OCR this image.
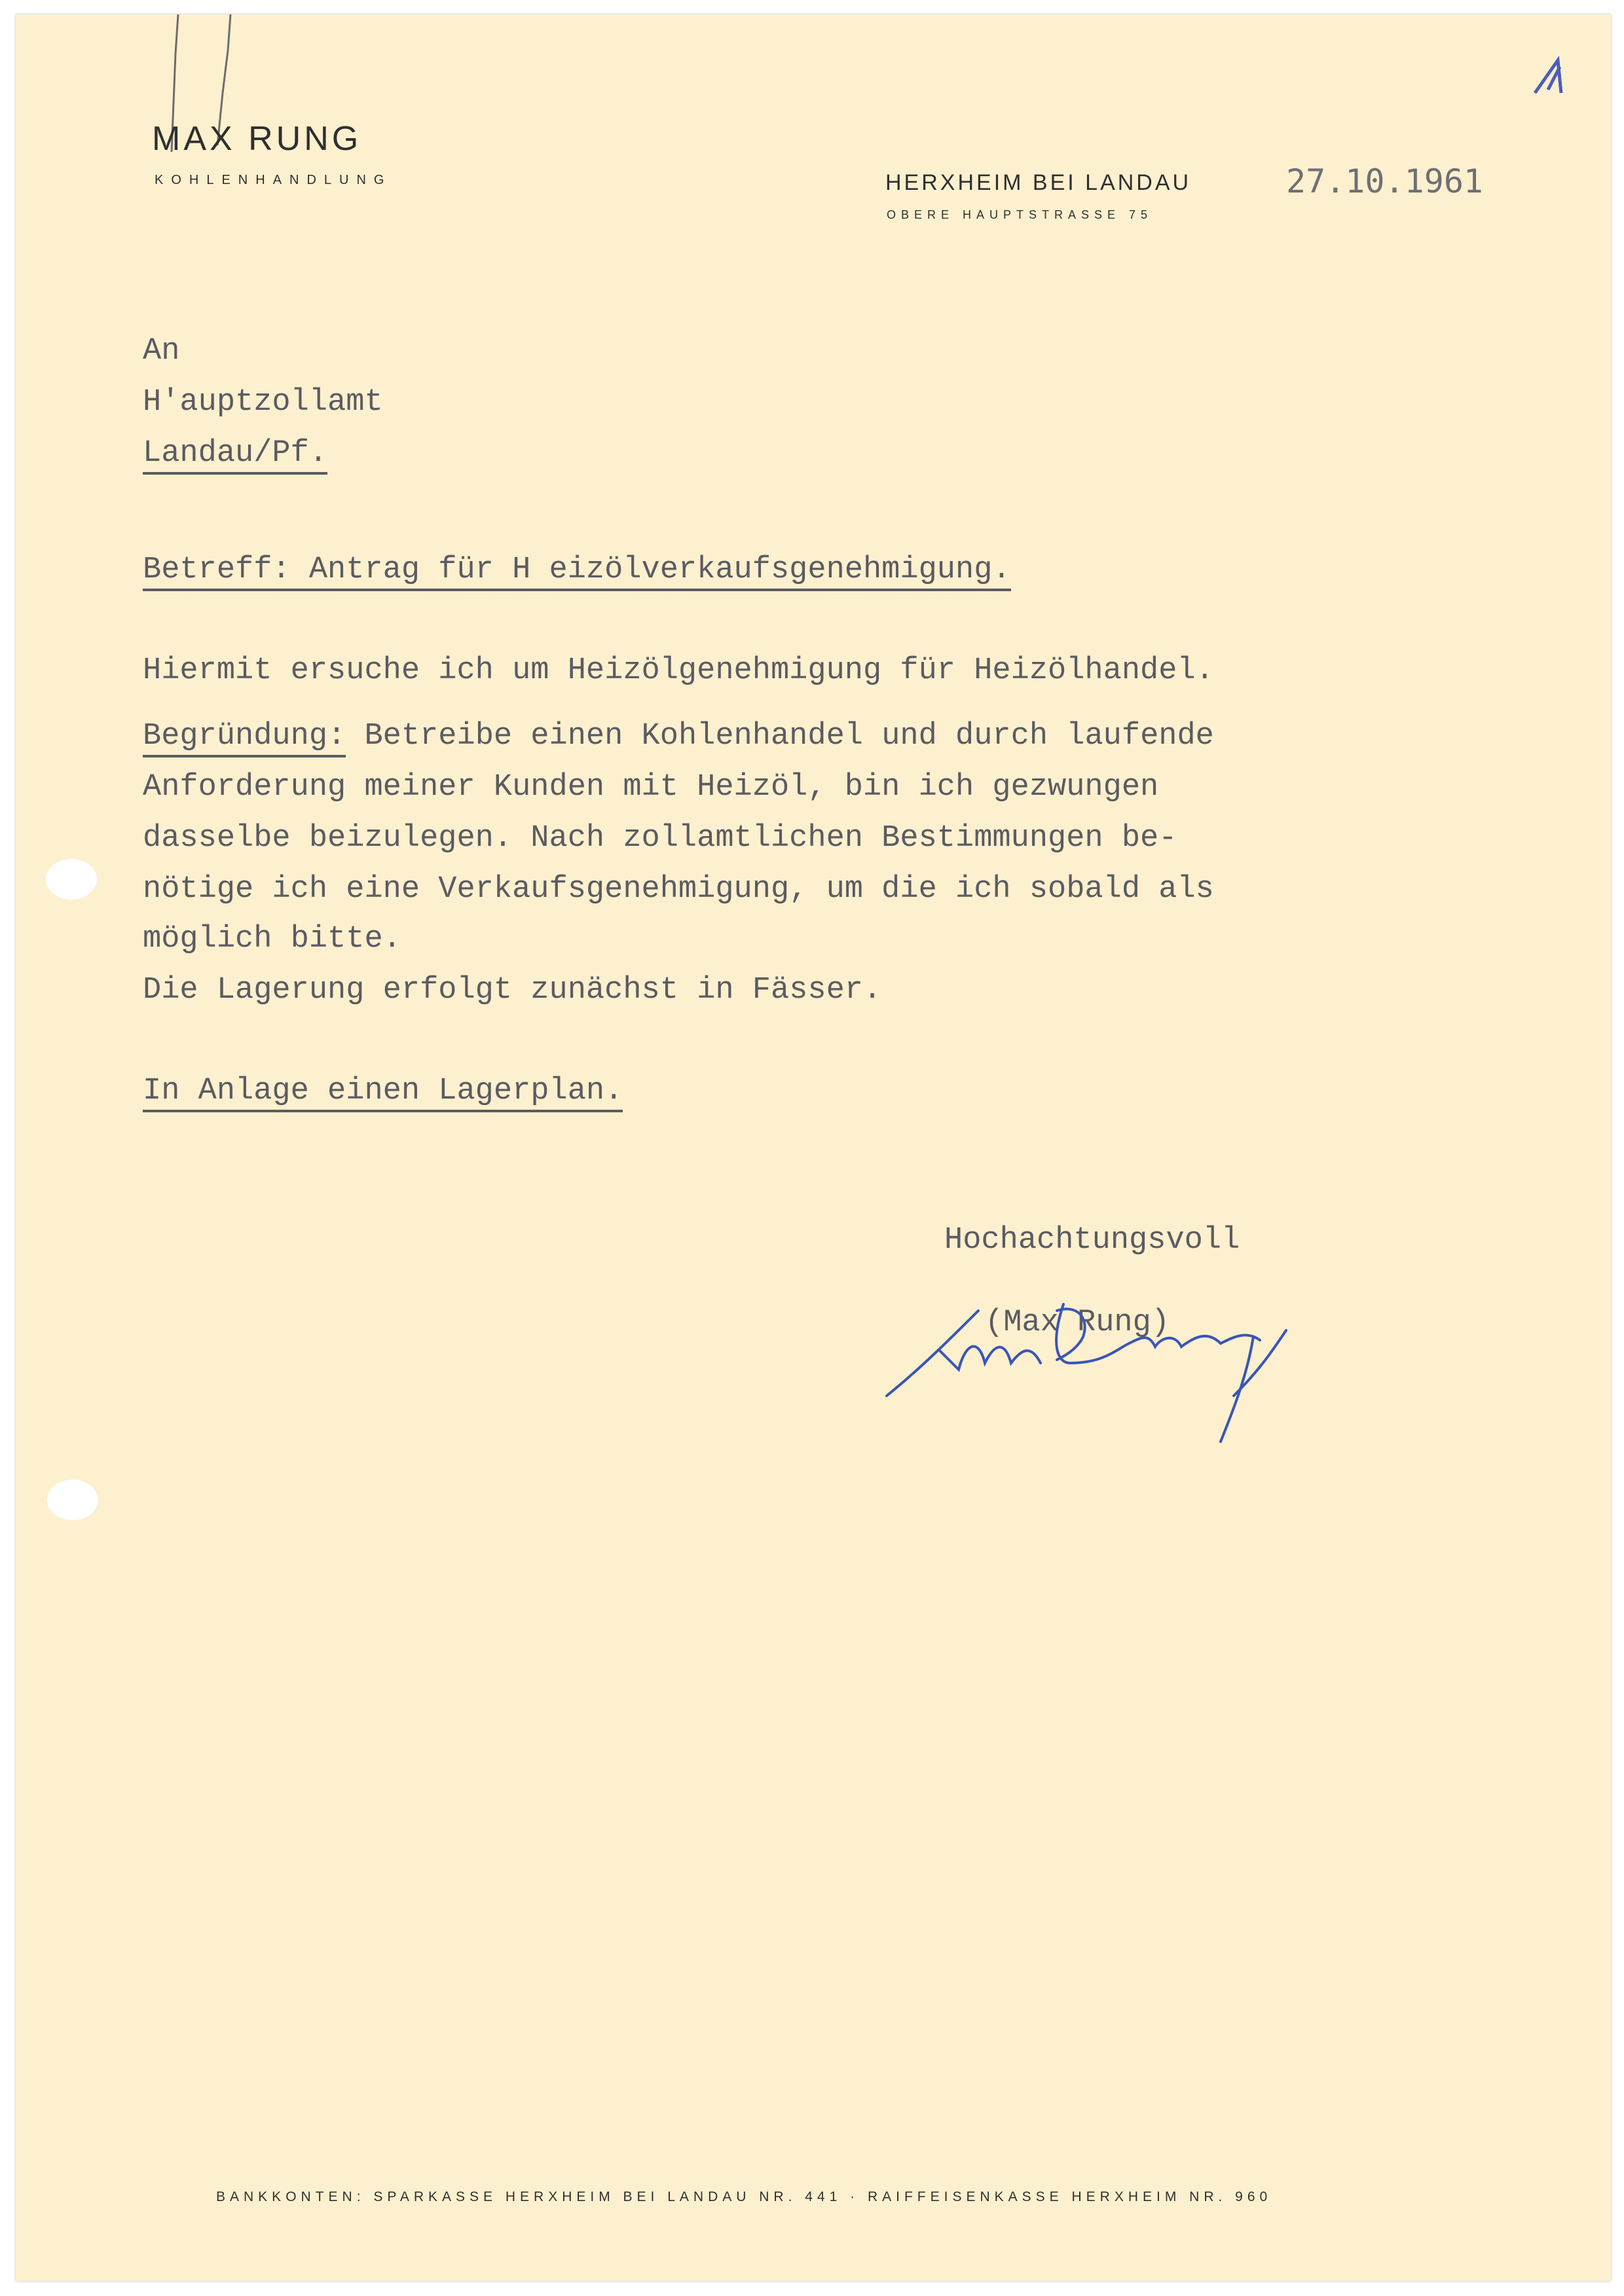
MAX RUNG
KOHLENHANDLUNG	HERXHEIM BEI LANDAU	27.10.1961
OBERE HAUPTSTRASSE 75
An
H'auptzollamt
Landau/Pf.
Betreff: Antrag für H eizölverkaufsgenehmigung.
Hiermit ersuche ich um Heizölgenehmigung für Heizölhandel.
Begründung: Betreibe einen Kohlenhandel und durch laufende
Anforderung meiner Kunden mit Heizöl, bin ich gezwungen
dasselbe beizulegen. Nach zollamtlichen Bestimmungen be-
nötige ich eine Verkaufsgenehmigung, um die ich sobald als
möglich bitte.
Die Lagerung erfolgt zunächst in Fässer.
In Anlage einen Lagerplan.
Hochachtungsvoll
(Max Rung)
BANKKONTEN: SPARKASSE HERXHEIM BEI LANDAU NR. 441 · RAIFFEISENKASSE HERXHEIM NR. 960
